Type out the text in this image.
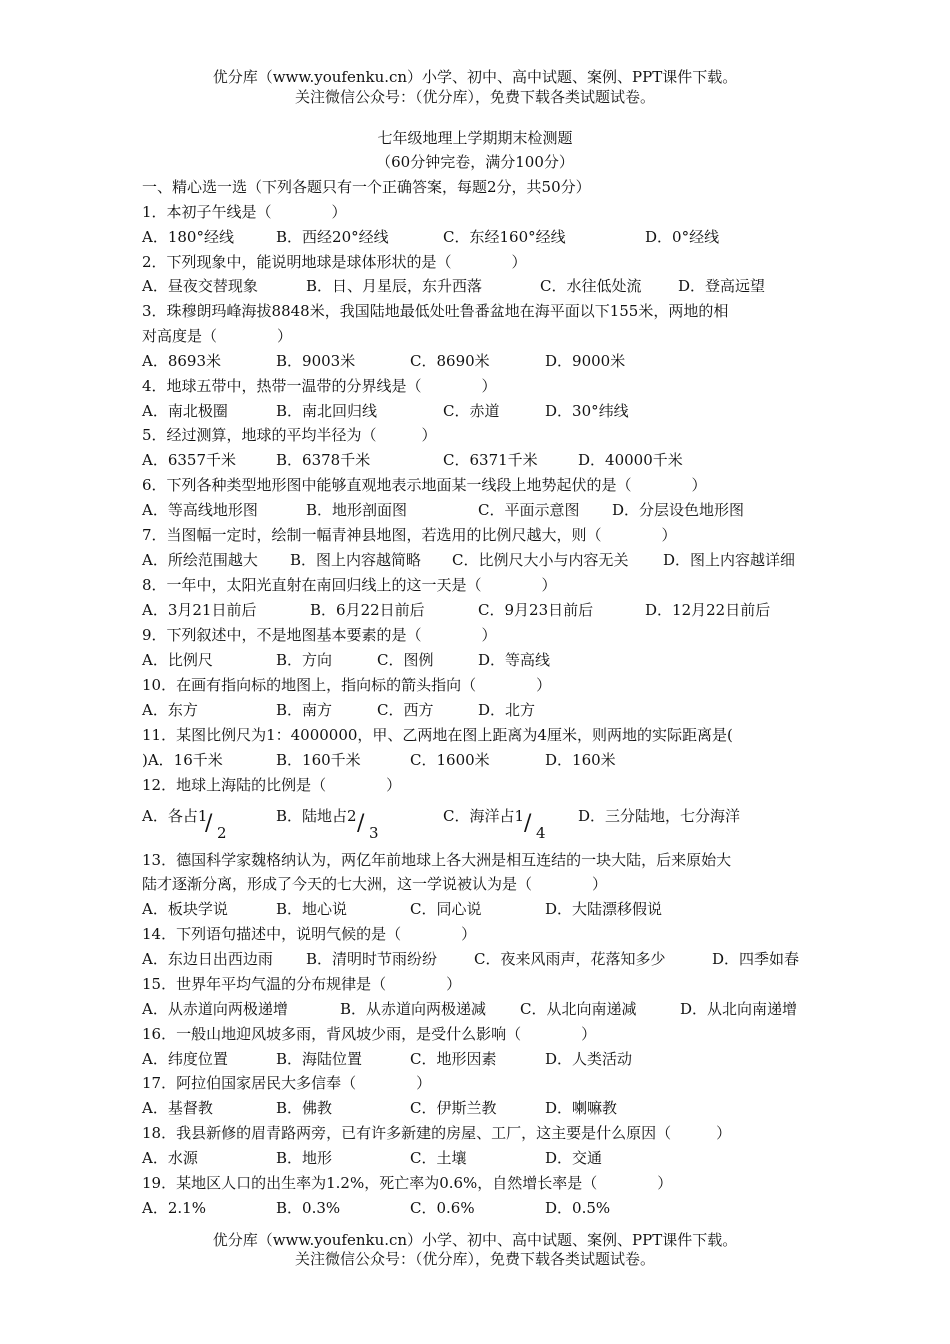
优分库（www.youfenku.cn）小学、初中、高中试题、案例、PPT课件下载。
关注微信公众号：（优分库），免费下载各类试题试卷。
七年级地理上学期期末检测题
（60分钟完卷，满分100分）
一、精心选一选（下列各题只有一个正确答案，每题2分，共50分）
1．本初子午线是（　　　　）
A．180°经线	B．西经20°经线	C．东经160°经线	D．0°经线
2．下列现象中，能说明地球是球体形状的是（　　　　）
A．昼夜交替现象	B．日、月星辰，东升西落	C．水往低处流 D．登高远望
3．珠穆朗玛峰海拔8848米，我国陆地最低处吐鲁番盆地在海平面以下155米，两地的相
对高度是（　　　　）
A．8693米	B．9003米	C．8690米	D．9000米
4．地球五带中，热带一温带的分界线是（　　　　）
A．南北极圈	B．南北回归线	C．赤道	D．30°纬线
5．经过测算，地球的平均半径为（　　　）
A．6357千米	B．6378千米	C．6371千米	D．40000千米
6．下列各种类型地形图中能够直观地表示地面某一线段上地势起伏的是（　　　　）
A．等高线地形图	B．地形剖面图	C．平面示意图 D．分层设色地形图
7．当图幅一定时，绘制一幅青神县地图，若选用的比例尺越大，则（　　　　）
A．所绘范围越大 B．图上内容越简略 C．比例尺大小与内容无关 D．图上内容越详细
8．一年中，太阳光直射在南回归线上的这一天是（　　　　）
A．3月21日前后	B．6月22日前后	C．9月23日前后	D．12月22日前后
9．下列叙述中，不是地图基本要素的是（　　　　）
A．比例尺	B．方向	C．图例	D．等高线
10．在画有指向标的地图上，指向标的箭头指向（　　　　）
A．东方	B．南方	C．西方	D．北方
11．某图比例尺为1：4000000，甲、乙两地在图上距离为4厘米，则两地的实际距离是(
)A．16千米	B．160千米	C．1600米	D．160米
12．地球上海陆的比例是（　　　　）
A．各占1
/ 2
B．陆地占2 / 3
C．海洋占1 / 4
D．三分陆地，七分海洋
13．德国科学家魏格纳认为，两亿年前地球上各大洲是相互连结的一块大陆，后来原始大
陆才逐渐分离，形成了今天的七大洲，这一学说被认为是（　　　　）
A．板块学说	B．地心说	C．同心说	D．大陆漂移假说
14．下列语句描述中，说明气候的是（　　　　）
A．东边日出西边雨 B．清明时节雨纷纷 C．夜来风雨声，花落知多少	D．四季如春
15．世界年平均气温的分布规律是（　　　　）
A．从赤道向两极递增	B．从赤道向两极递减 C．从北向南递减	D．从北向南递增
16．一般山地迎风坡多雨，背风坡少雨，是受什么影响（　　　　）
A．纬度位置	B．海陆位置	C．地形因素	D．人类活动
17．阿拉伯国家居民大多信奉（　　　　）
A．基督教	B．佛教	C．伊斯兰教	D．喇嘛教
18．我县新修的眉青路两旁，已有许多新建的房屋、工厂，这主要是什么原因（　　　）
A．水源	B．地形	C．土壤	D．交通
19．某地区人口的出生率为1.2%，死亡率为0.6%，自然增长率是（　　　　）
A．2.1%	B．0.3%	C．0.6%	D．0.5%
优分库（www.youfenku.cn）小学、初中、高中试题、案例、PPT课件下载。
关注微信公众号：（优分库），免费下载各类试题试卷。
